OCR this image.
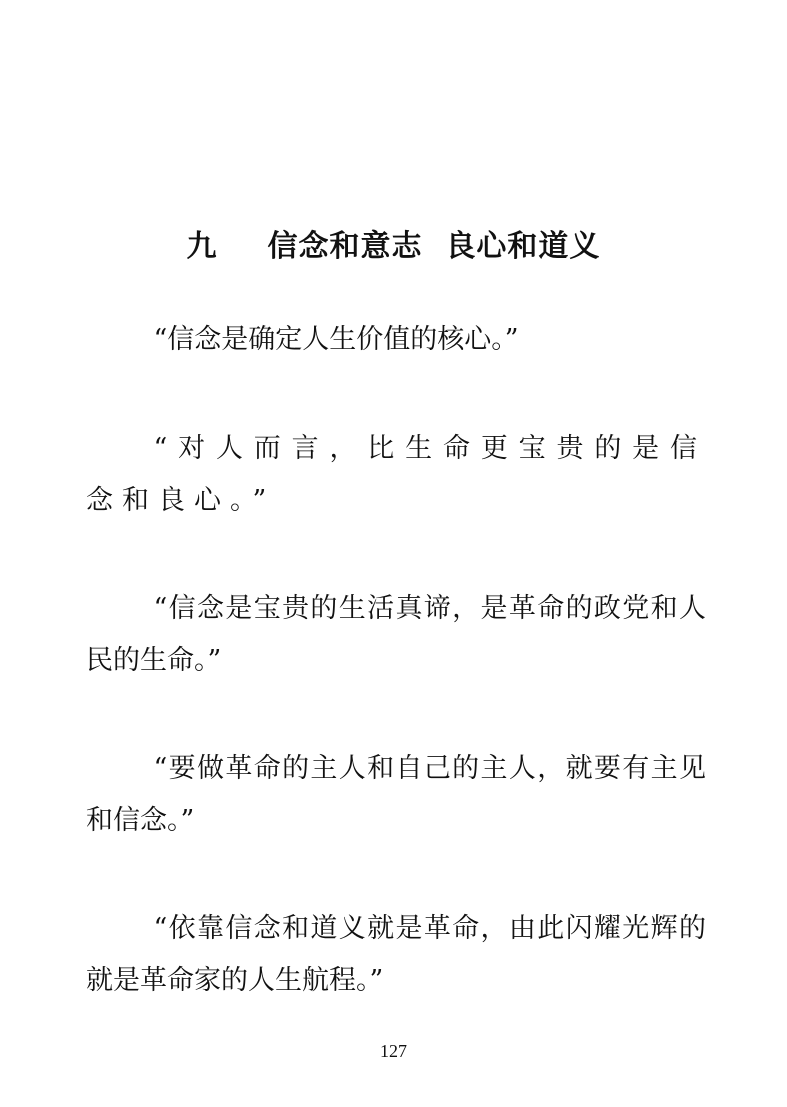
九 信念和意志  良心和道义

“信念是确定人生价值的核心。”

“对人而言，比生命更宝贵的是信念和良心。”

“信念是宝贵的生活真谛，是革命的政党和人民的生命。”

“要做革命的主人和自己的主人，就要有主见和信念。”

“依靠信念和道义就是革命，由此闪耀光辉的就是革命家的人生航程。”

127
